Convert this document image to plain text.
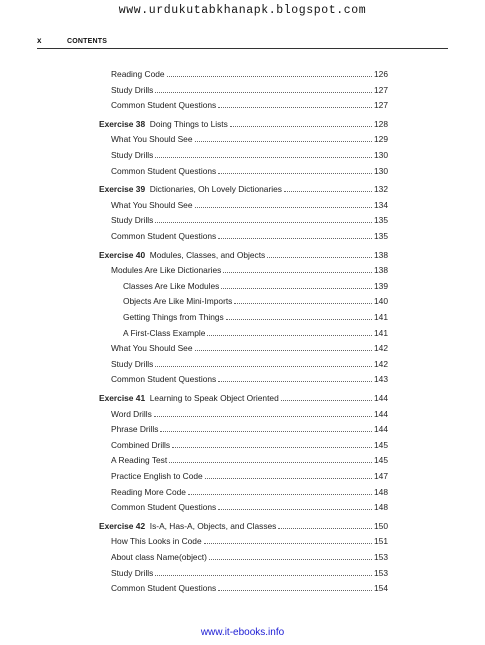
www.urdukutabkhanapk.blogspot.com
x	CONTENTS
Reading Code	126
Study Drills	127
Common Student Questions	127
Exercise 38 Doing Things to Lists	128
What You Should See	129
Study Drills	130
Common Student Questions	130
Exercise 39 Dictionaries, Oh Lovely Dictionaries	132
What You Should See	134
Study Drills	135
Common Student Questions	135
Exercise 40 Modules, Classes, and Objects	138
Modules Are Like Dictionaries	138
Classes Are Like Modules	139
Objects Are Like Mini-Imports	140
Getting Things from Things	141
A First-Class Example	141
What You Should See	142
Study Drills	142
Common Student Questions	143
Exercise 41 Learning to Speak Object Oriented	144
Word Drills	144
Phrase Drills	144
Combined Drills	145
A Reading Test	145
Practice English to Code	147
Reading More Code	148
Common Student Questions	148
Exercise 42 Is-A, Has-A, Objects, and Classes	150
How This Looks in Code	151
About class Name(object)	153
Study Drills	153
Common Student Questions	154
www.it-ebooks.info
